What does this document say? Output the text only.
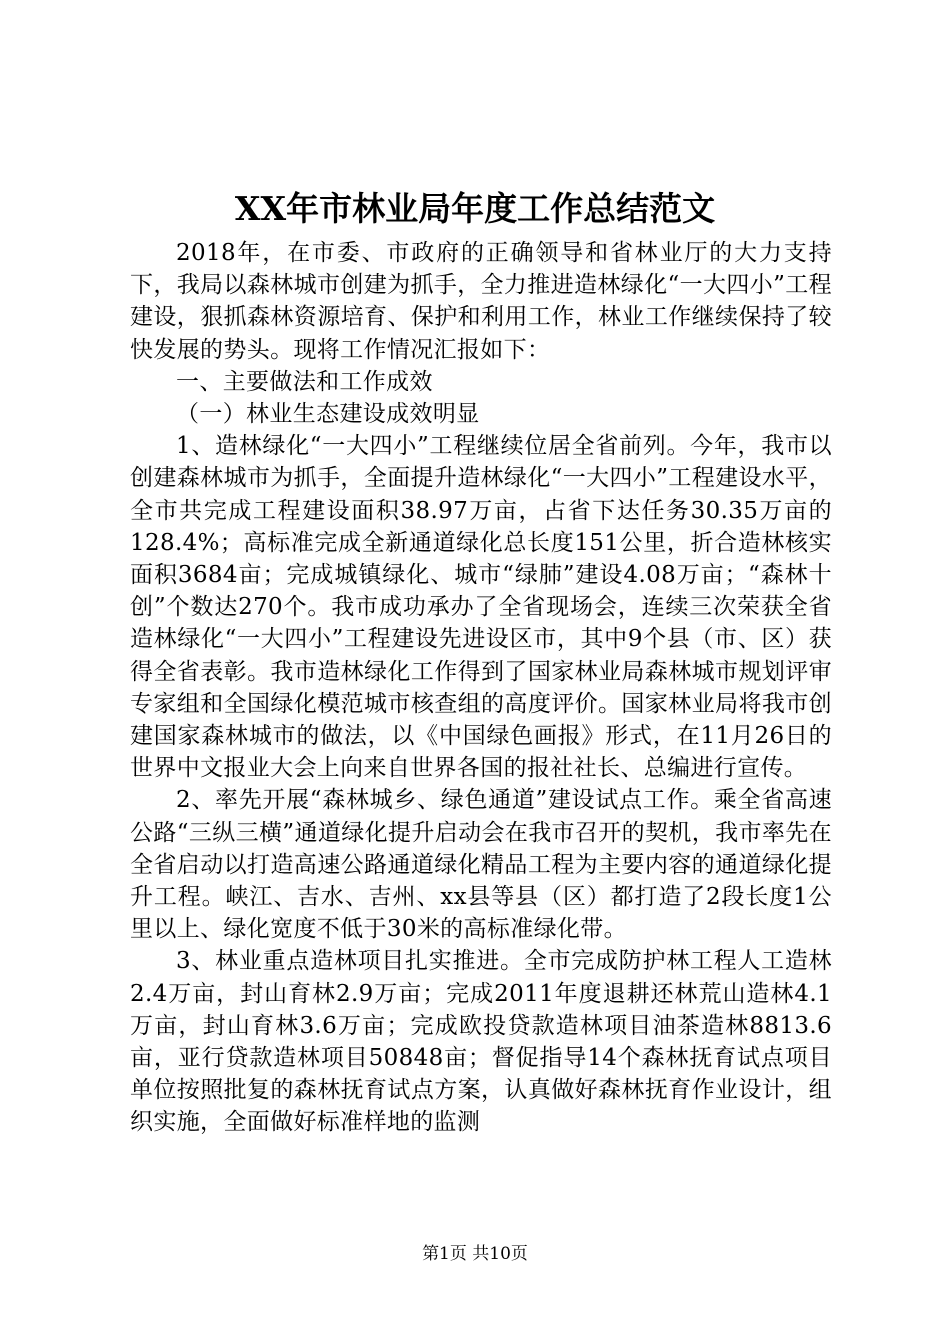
XX年市林业局年度工作总结范文

2018年，在市委、市政府的正确领导和省林业厅的大力支持下，我局以森林城市创建为抓手，全力推进造林绿化“一大四小”工程建设，狠抓森林资源培育、保护和利用工作，林业工作继续保持了较快发展的势头。现将工作情况汇报如下：

一、主要做法和工作成效

（一）林业生态建设成效明显

1、造林绿化“一大四小”工程继续位居全省前列。今年，我市以创建森林城市为抓手，全面提升造林绿化“一大四小”工程建设水平，全市共完成工程建设面积38.97万亩，占省下达任务30.35万亩的128.4%；高标准完成全新通道绿化总长度151公里，折合造林核实面积3684亩；完成城镇绿化、城市“绿肺”建设4.08万亩；“森林十创”个数达270个。我市成功承办了全省现场会，连续三次荣获全省造林绿化“一大四小”工程建设先进设区市，其中9个县（市、区）获得全省表彰。我市造林绿化工作得到了国家林业局森林城市规划评审专家组和全国绿化模范城市核查组的高度评价。国家林业局将我市创建国家森林城市的做法，以《中国绿色画报》形式，在11月26日的世界中文报业大会上向来自世界各国的报社社长、总编进行宣传。

2、率先开展“森林城乡、绿色通道”建设试点工作。乘全省高速公路“三纵三横”通道绿化提升启动会在我市召开的契机，我市率先在全省启动以打造高速公路通道绿化精品工程为主要内容的通道绿化提升工程。峡江、吉水、吉州、xx县等县（区）都打造了2段长度1公里以上、绿化宽度不低于30米的高标准绿化带。

3、林业重点造林项目扎实推进。全市完成防护林工程人工造林2.4万亩，封山育林2.9万亩；完成2011年度退耕还林荒山造林4.1万亩，封山育林3.6万亩；完成欧投贷款造林项目油茶造林8813.6亩，亚行贷款造林项目50848亩；督促指导14个森林抚育试点项目单位按照批复的森林抚育试点方案，认真做好森林抚育作业设计，组织实施，全面做好标准样地的监测

第1页 共10页
